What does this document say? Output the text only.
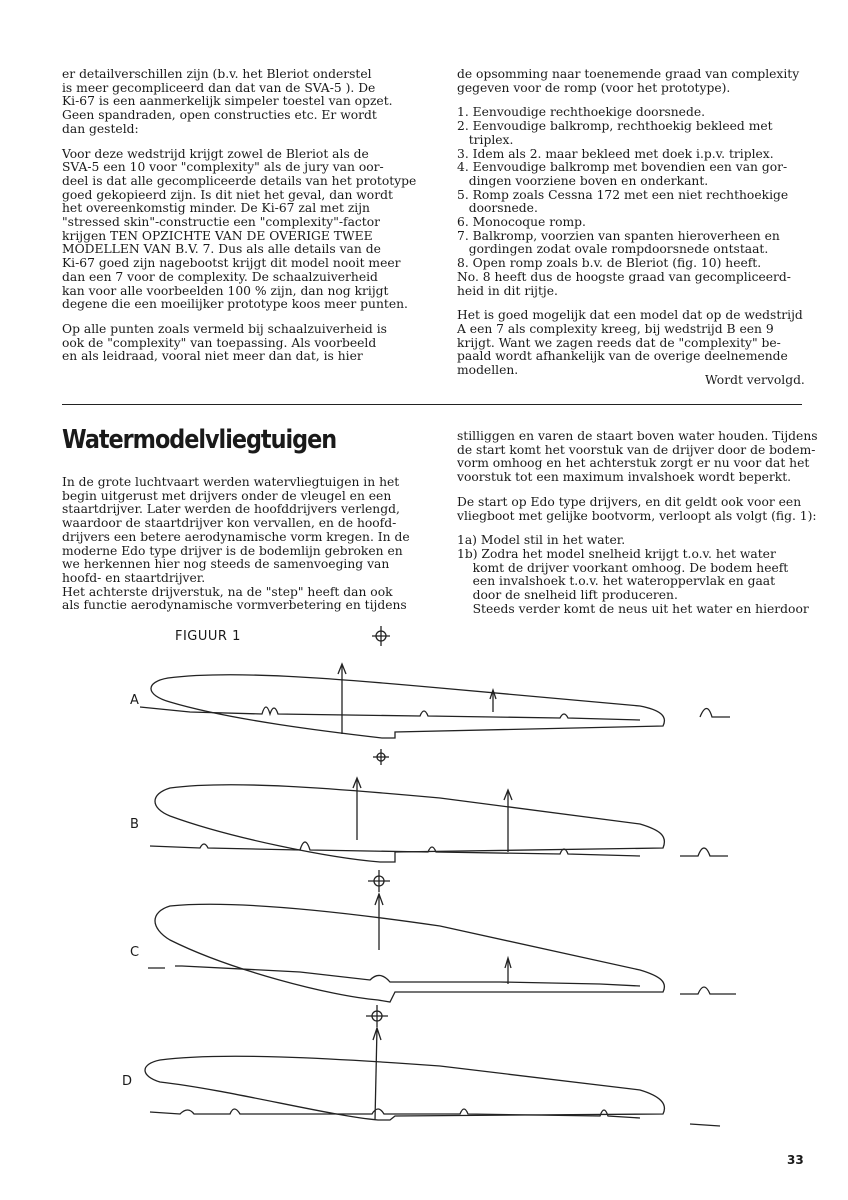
er detailverschillen zijn (b.v. het Bleriot onderstel
is meer gecompliceerd dan dat van de SVA-5 ). De
Ki-67 is een aanmerkelijk simpeler toestel van opzet.
Geen spandraden, open constructies etc. Er wordt
dan gesteld:
Voor deze wedstrijd krijgt zowel de Bleriot als de
SVA-5 een 10 voor "complexity" als de jury van oor-
deel is dat alle gecompliceerde details van het prototype
goed gekopieerd zijn. Is dit niet het geval, dan wordt
het overeenkomstig minder. De Ki-67 zal met zijn
"stressed skin"-constructie een "complexity"-factor
krijgen TEN OPZICHTE VAN DE OVERIGE TWEE
MODELLEN VAN B.V. 7. Dus als alle details van de
Ki-67 goed zijn nagebootst krijgt dit model nooit meer
dan een 7 voor de complexity. De schaalzuiverheid
kan voor alle voorbeelden 100 % zijn, dan nog krijgt
degene die een moeilijker prototype koos meer punten.
Op alle punten zoals vermeld bij schaalzuiverheid is
ook de "complexity" van toepassing. Als voorbeeld
en als leidraad, vooral niet meer dan dat, is hier
de opsomming naar toenemende graad van complexity
gegeven voor de romp (voor het prototype).
1. Eenvoudige rechthoekige doorsnede.
2. Eenvoudige balkromp, rechthoekig bekleed met
triplex.
3. Idem als 2. maar bekleed met doek i.p.v. triplex.
4. Eenvoudige balkromp met bovendien een van gor-
dingen voorziene boven en onderkant.
5. Romp zoals Cessna 172 met een niet rechthoekige
doorsnede.
6. Monocoque romp.
7. Balkromp, voorzien van spanten hieroverheen en
gordingen zodat ovale rompdoorsnede ontstaat.
8. Open romp zoals b.v. de Bleriot (fig. 10) heeft.
No. 8 heeft dus de hoogste graad van gecompliceerd-
heid in dit rijtje.
Het is goed mogelijk dat een model dat op de wedstrijd
A een 7 als complexity kreeg, bij wedstrijd B een 9
krijgt. Want we zagen reeds dat de "complexity" be-
paald wordt afhankelijk van de overige deelnemende
modellen.
Wordt vervolgd.
Watermodelvliegtuigen
In de grote luchtvaart werden watervliegtuigen in het
begin uitgerust met drijvers onder de vleugel en een
staartdrijver. Later werden de hoofddrijvers verlengd,
waardoor de staartdrijver kon vervallen, en de hoofd-
drijvers een betere aerodynamische vorm kregen. In de
moderne Edo type drijver is de bodemlijn gebroken en
we herkennen hier nog steeds de samenvoeging van
hoofd- en staartdrijver.
Het achterste drijverstuk, na de "step" heeft dan ook
als functie aerodynamische vormverbetering en tijdens
stilliggen en varen de staart boven water houden. Tijdens
de start komt het voorstuk van de drijver door de bodem-
vorm omhoog en het achterstuk zorgt er nu voor dat het
voorstuk tot een maximum invalshoek wordt beperkt.
De start op Edo type drijvers, en dit geldt ook voor een
vliegboot met gelijke bootvorm, verloopt als volgt (fig. 1):
1a) Model stil in het water.
1b) Zodra het model snelheid krijgt t.o.v. het water
komt de drijver voorkant omhoog. De bodem heeft
een invalshoek t.o.v. het wateroppervlak en gaat
door de snelheid lift produceren.
Steeds verder komt de neus uit het water en hierdoor
FIGUUR 1
A
B
C
D
33
